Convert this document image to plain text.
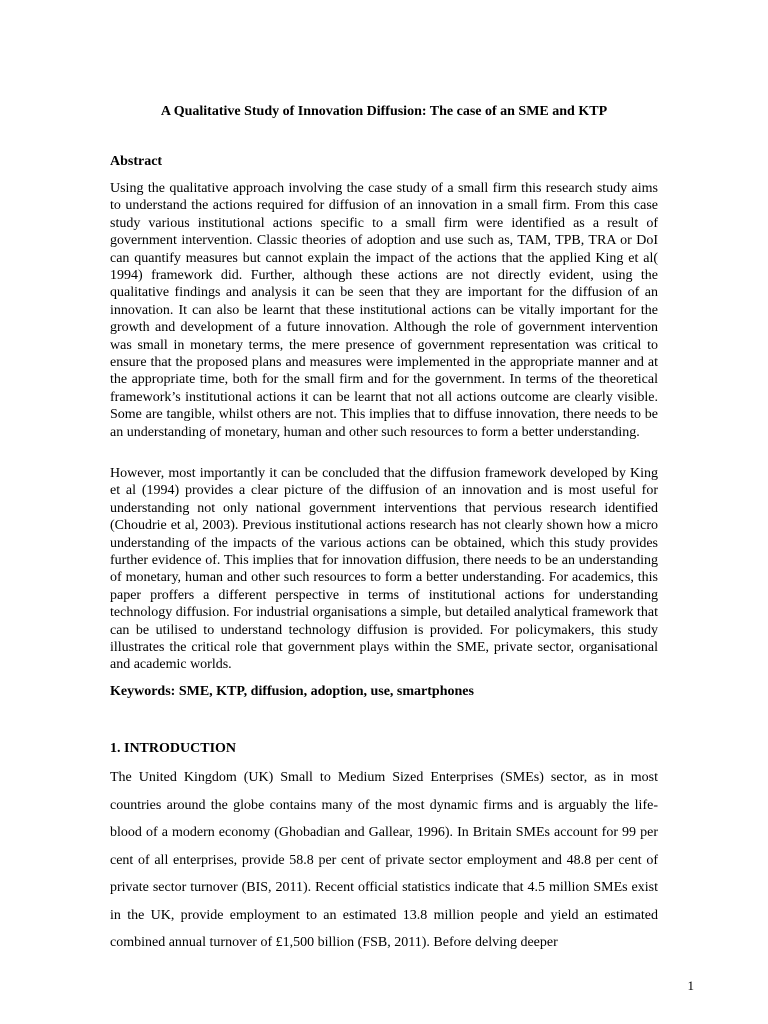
A Qualitative Study of Innovation Diffusion: The case of an SME and KTP
Abstract

Using the qualitative approach involving the case study of a small firm this research study aims to understand the actions required for diffusion of an innovation in a small firm. From this case study various institutional actions specific to a small firm were identified as a result of government intervention. Classic theories of adoption and use such as, TAM, TPB, TRA or DoI can quantify measures but cannot explain the impact of the actions that the applied King et al( 1994) framework did. Further, although these actions are not directly evident, using the qualitative findings and analysis it can be seen that they are important for the diffusion of an innovation. It can also be learnt that these institutional actions can be vitally important for the growth and development of a future innovation. Although the role of government intervention was small in monetary terms, the mere presence of government representation was critical to ensure that the proposed plans and measures were implemented in the appropriate manner and at the appropriate time, both for the small firm and for the government. In terms of the theoretical framework’s institutional actions it can be learnt that not all actions outcome are clearly visible. Some are tangible, whilst others are not. This implies that to diffuse innovation, there needs to be an understanding of monetary, human and other such resources to form a better understanding.

However, most importantly it can be concluded that the diffusion framework developed by King et al (1994) provides a clear picture of the diffusion of an innovation and is most useful for understanding not only national government interventions that pervious research identified (Choudrie et al, 2003). Previous institutional actions research has not clearly shown how a micro understanding of the impacts of the various actions can be obtained, which this study provides further evidence of. This implies that for innovation diffusion, there needs to be an understanding of monetary, human and other such resources to form a better understanding. For academics, this paper proffers a different perspective in terms of institutional actions for understanding technology diffusion. For industrial organisations a simple, but detailed analytical framework that can be utilised to understand technology diffusion is provided. For policymakers, this study illustrates the critical role that government plays within the SME, private sector, organisational and academic worlds.

Keywords: SME, KTP, diffusion, adoption, use, smartphones
1. INTRODUCTION

The United Kingdom (UK) Small to Medium Sized Enterprises (SMEs) sector, as in most countries around the globe contains many of the most dynamic firms and is arguably the life-blood of a modern economy (Ghobadian and Gallear, 1996). In Britain SMEs account for 99 per cent of all enterprises, provide 58.8 per cent of private sector employment and 48.8 per cent of private sector turnover (BIS, 2011). Recent official statistics indicate that 4.5 million SMEs exist in the UK, provide employment to an estimated 13.8 million people and yield an estimated combined annual turnover of £1,500 billion (FSB, 2011). Before delving deeper

1
